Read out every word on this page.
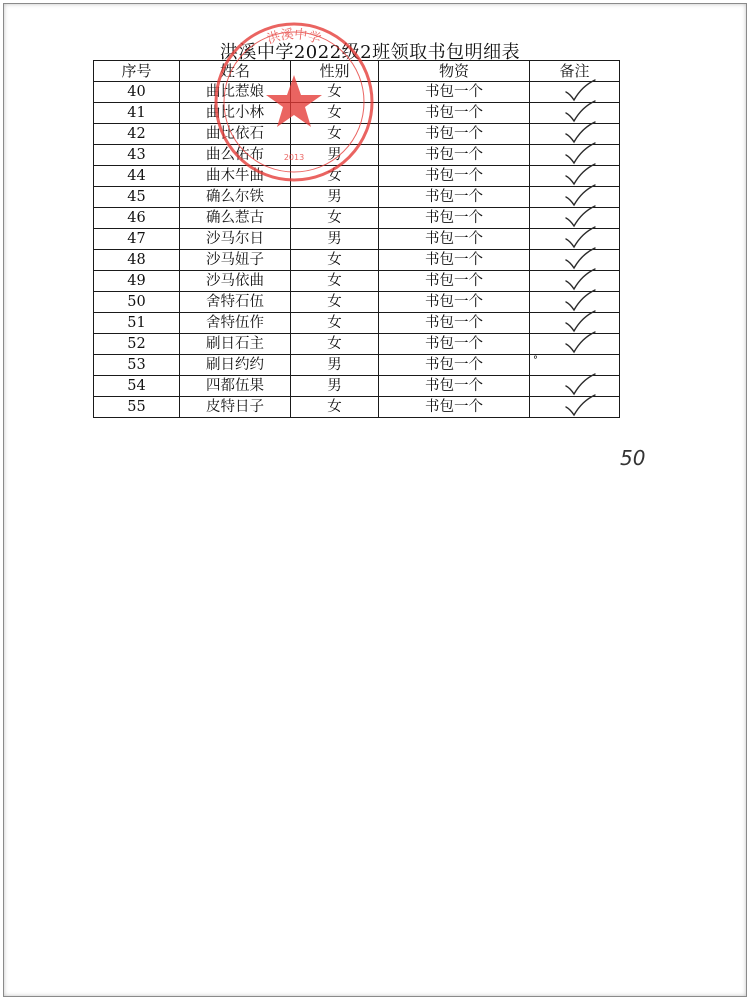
洪溪中学2022级2班领取书包明细表
序号	姓名	性别	物资	备注
40	曲比惹娘	女	书包一个	

41	曲比小林	女	书包一个	

42	曲比依石	女	书包一个	

43	曲么佑布	男	书包一个	

44	曲木牛曲	女	书包一个	

45	确么尔铁	男	书包一个	

46	确么惹古	女	书包一个	

47	沙马尔日	男	书包一个	

48	沙马妞子	女	书包一个	

49	沙马依曲	女	书包一个	

50	舍特石伍	女	书包一个	

51	舍特伍作	女	书包一个	

52	刷日石主	女	书包一个	

53	刷日约约	男	书包一个	°

54	四都伍果	男	书包一个	

55	皮特日子	女	书包一个	
洪溪中学
2013
50
